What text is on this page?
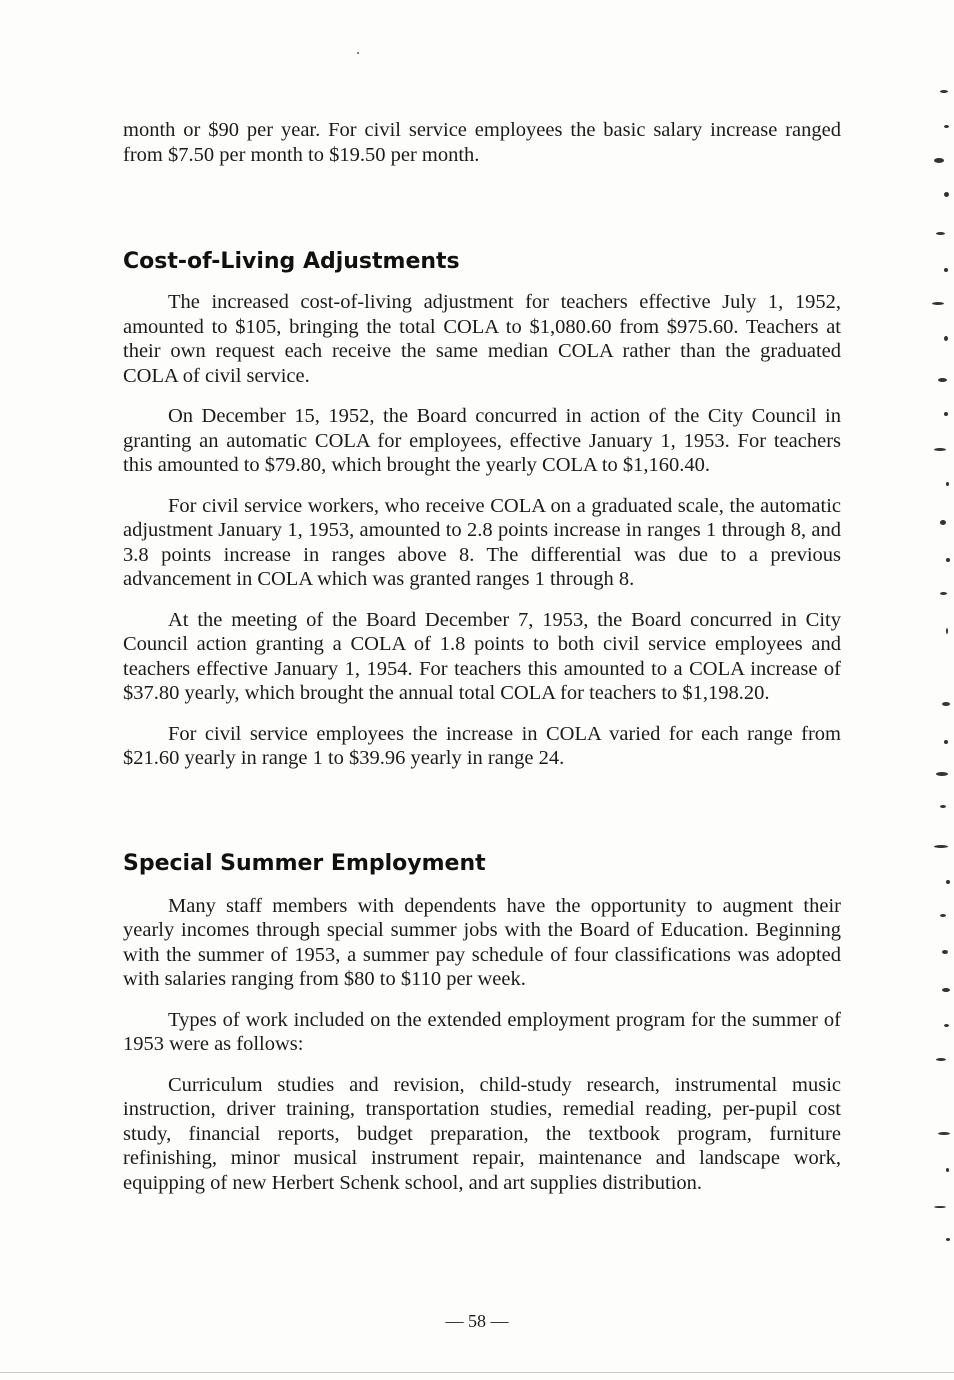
month or $90 per year. For civil service employees the basic salary increase ranged from $7.50 per month to $19.50 per month.

Cost-of-Living Adjustments

The increased cost-of-living adjustment for teachers effective July 1, 1952, amounted to $105, bringing the total COLA to $1,080.60 from $975.60. Teachers at their own request each receive the same median COLA rather than the graduated COLA of civil service.

On December 15, 1952, the Board concurred in action of the City Council in granting an automatic COLA for employees, effective January 1, 1953. For teachers this amounted to $79.80, which brought the yearly COLA to $1,160.40.

For civil service workers, who receive COLA on a graduated scale, the automatic adjustment January 1, 1953, amounted to 2.8 points increase in ranges 1 through 8, and 3.8 points increase in ranges above 8. The differential was due to a previous advancement in COLA which was granted ranges 1 through 8.

At the meeting of the Board December 7, 1953, the Board concurred in City Council action granting a COLA of 1.8 points to both civil service employees and teachers effective January 1, 1954. For teachers this amounted to a COLA increase of $37.80 yearly, which brought the annual total COLA for teachers to $1,198.20.

For civil service employees the increase in COLA varied for each range from $21.60 yearly in range 1 to $39.96 yearly in range 24.

Special Summer Employment

Many staff members with dependents have the opportunity to augment their yearly incomes through special summer jobs with the Board of Education. Beginning with the summer of 1953, a summer pay schedule of four classifications was adopted with salaries ranging from $80 to $110 per week.

Types of work included on the extended employment program for the summer of 1953 were as follows:

Curriculum studies and revision, child-study research, instrumental music instruction, driver training, transportation studies, remedial reading, per-pupil cost study, financial reports, budget preparation, the textbook program, furniture refinishing, minor musical instrument repair, maintenance and landscape work, equipping of new Herbert Schenk school, and art supplies distribution.

— 58 —
